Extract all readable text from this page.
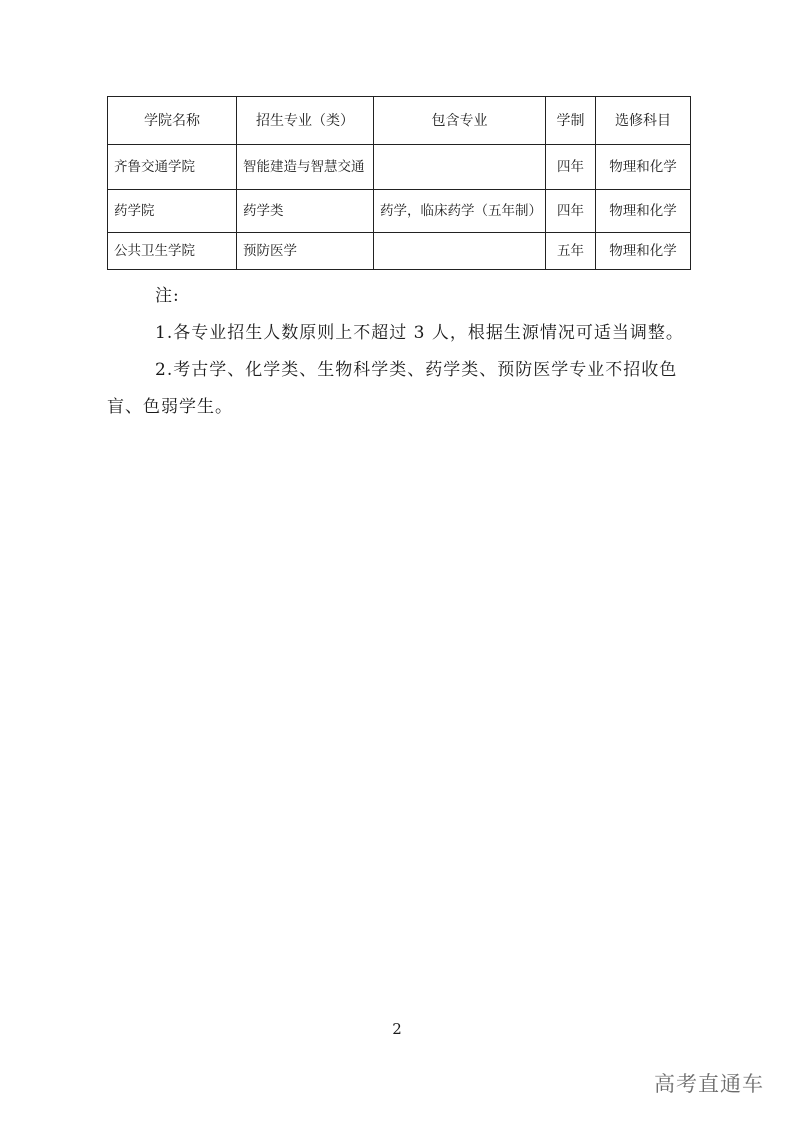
学院名称	招生专业（类）	包含专业	学制	选修科目
齐鲁交通学院	智能建造与智慧交通		四年	物理和化学
药学院	药学类	药学，临床药学（五年制）	四年	物理和化学
公共卫生学院	预防医学		五年	物理和化学

注:

1.各专业招生人数原则上不超过 3 人，根据生源情况可适当调整。

2.考古学、化学类、生物科学类、药学类、预防医学专业不招收色盲、色弱学生。

2
高考直通车
